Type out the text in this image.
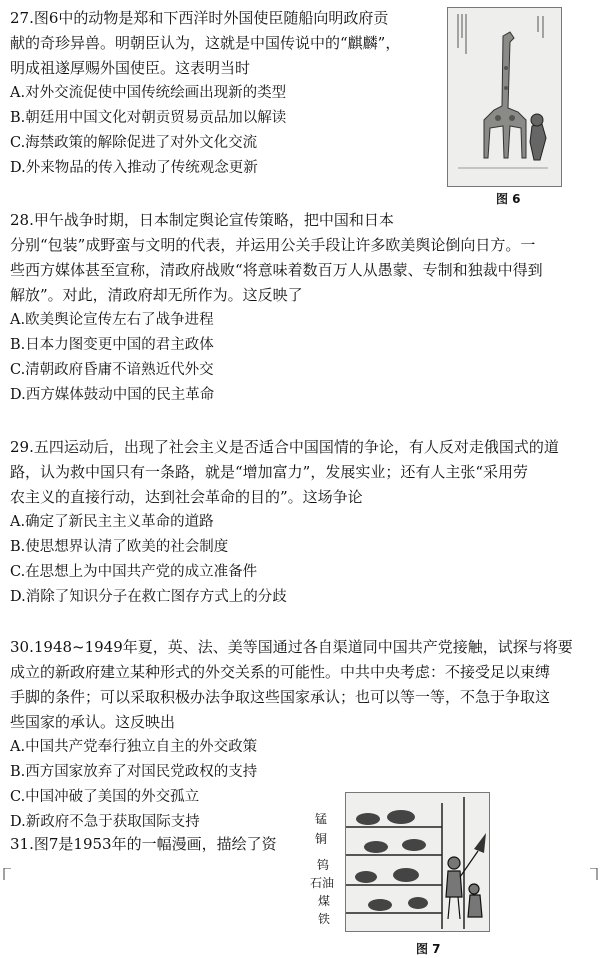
27.图6中的动物是郑和下西洋时外国使臣随船向明政府贡
献的奇珍异兽。明朝臣认为，这就是中国传说中的“麒麟”，
明成祖遂厚赐外国使臣。这表明当时
A.对外交流促使中国传统绘画出现新的类型
B.朝廷用中国文化对朝贡贸易贡品加以解读
C.海禁政策的解除促进了对外文化交流
D.外来物品的传入推动了传统观念更新
图 6
28.甲午战争时期，日本制定舆论宣传策略，把中国和日本
分别“包装”成野蛮与文明的代表，并运用公关手段让许多欧美舆论倒向日方。一
些西方媒体甚至宣称，清政府战败“将意味着数百万人从愚蒙、专制和独裁中得到
解放”。对此，清政府却无所作为。这反映了
A.欧美舆论宣传左右了战争进程
B.日本力图变更中国的君主政体
C.清朝政府昏庸不谙熟近代外交
D.西方媒体鼓动中国的民主革命
29.五四运动后，出现了社会主义是否适合中国国情的争论，有人反对走俄国式的道
路，认为救中国只有一条路，就是“增加富力”，发展实业；还有人主张“采用劳
农主义的直接行动，达到社会革命的目的”。这场争论
A.确定了新民主主义革命的道路
B.使思想界认清了欧美的社会制度
C.在思想上为中国共产党的成立准备件
D.消除了知识分子在救亡图存方式上的分歧
30.1948~1949年夏，英、法、美等国通过各自渠道同中国共产党接触，试探与将要
成立的新政府建立某种形式的外交关系的可能性。中共中央考虑：不接受足以束缚
手脚的条件；可以采取积极办法争取这些国家承认；也可以等一等，不急于争取这
些国家的承认。这反映出
A.中国共产党奉行独立自主的外交政策
B.西方国家放弃了对国民党政权的支持
C.中国冲破了美国的外交孤立
D.新政府不急于获取国际支持
31.图7是1953年的一幅漫画，描绘了资
锰
铜
钨
石油
煤
铁
图 7
